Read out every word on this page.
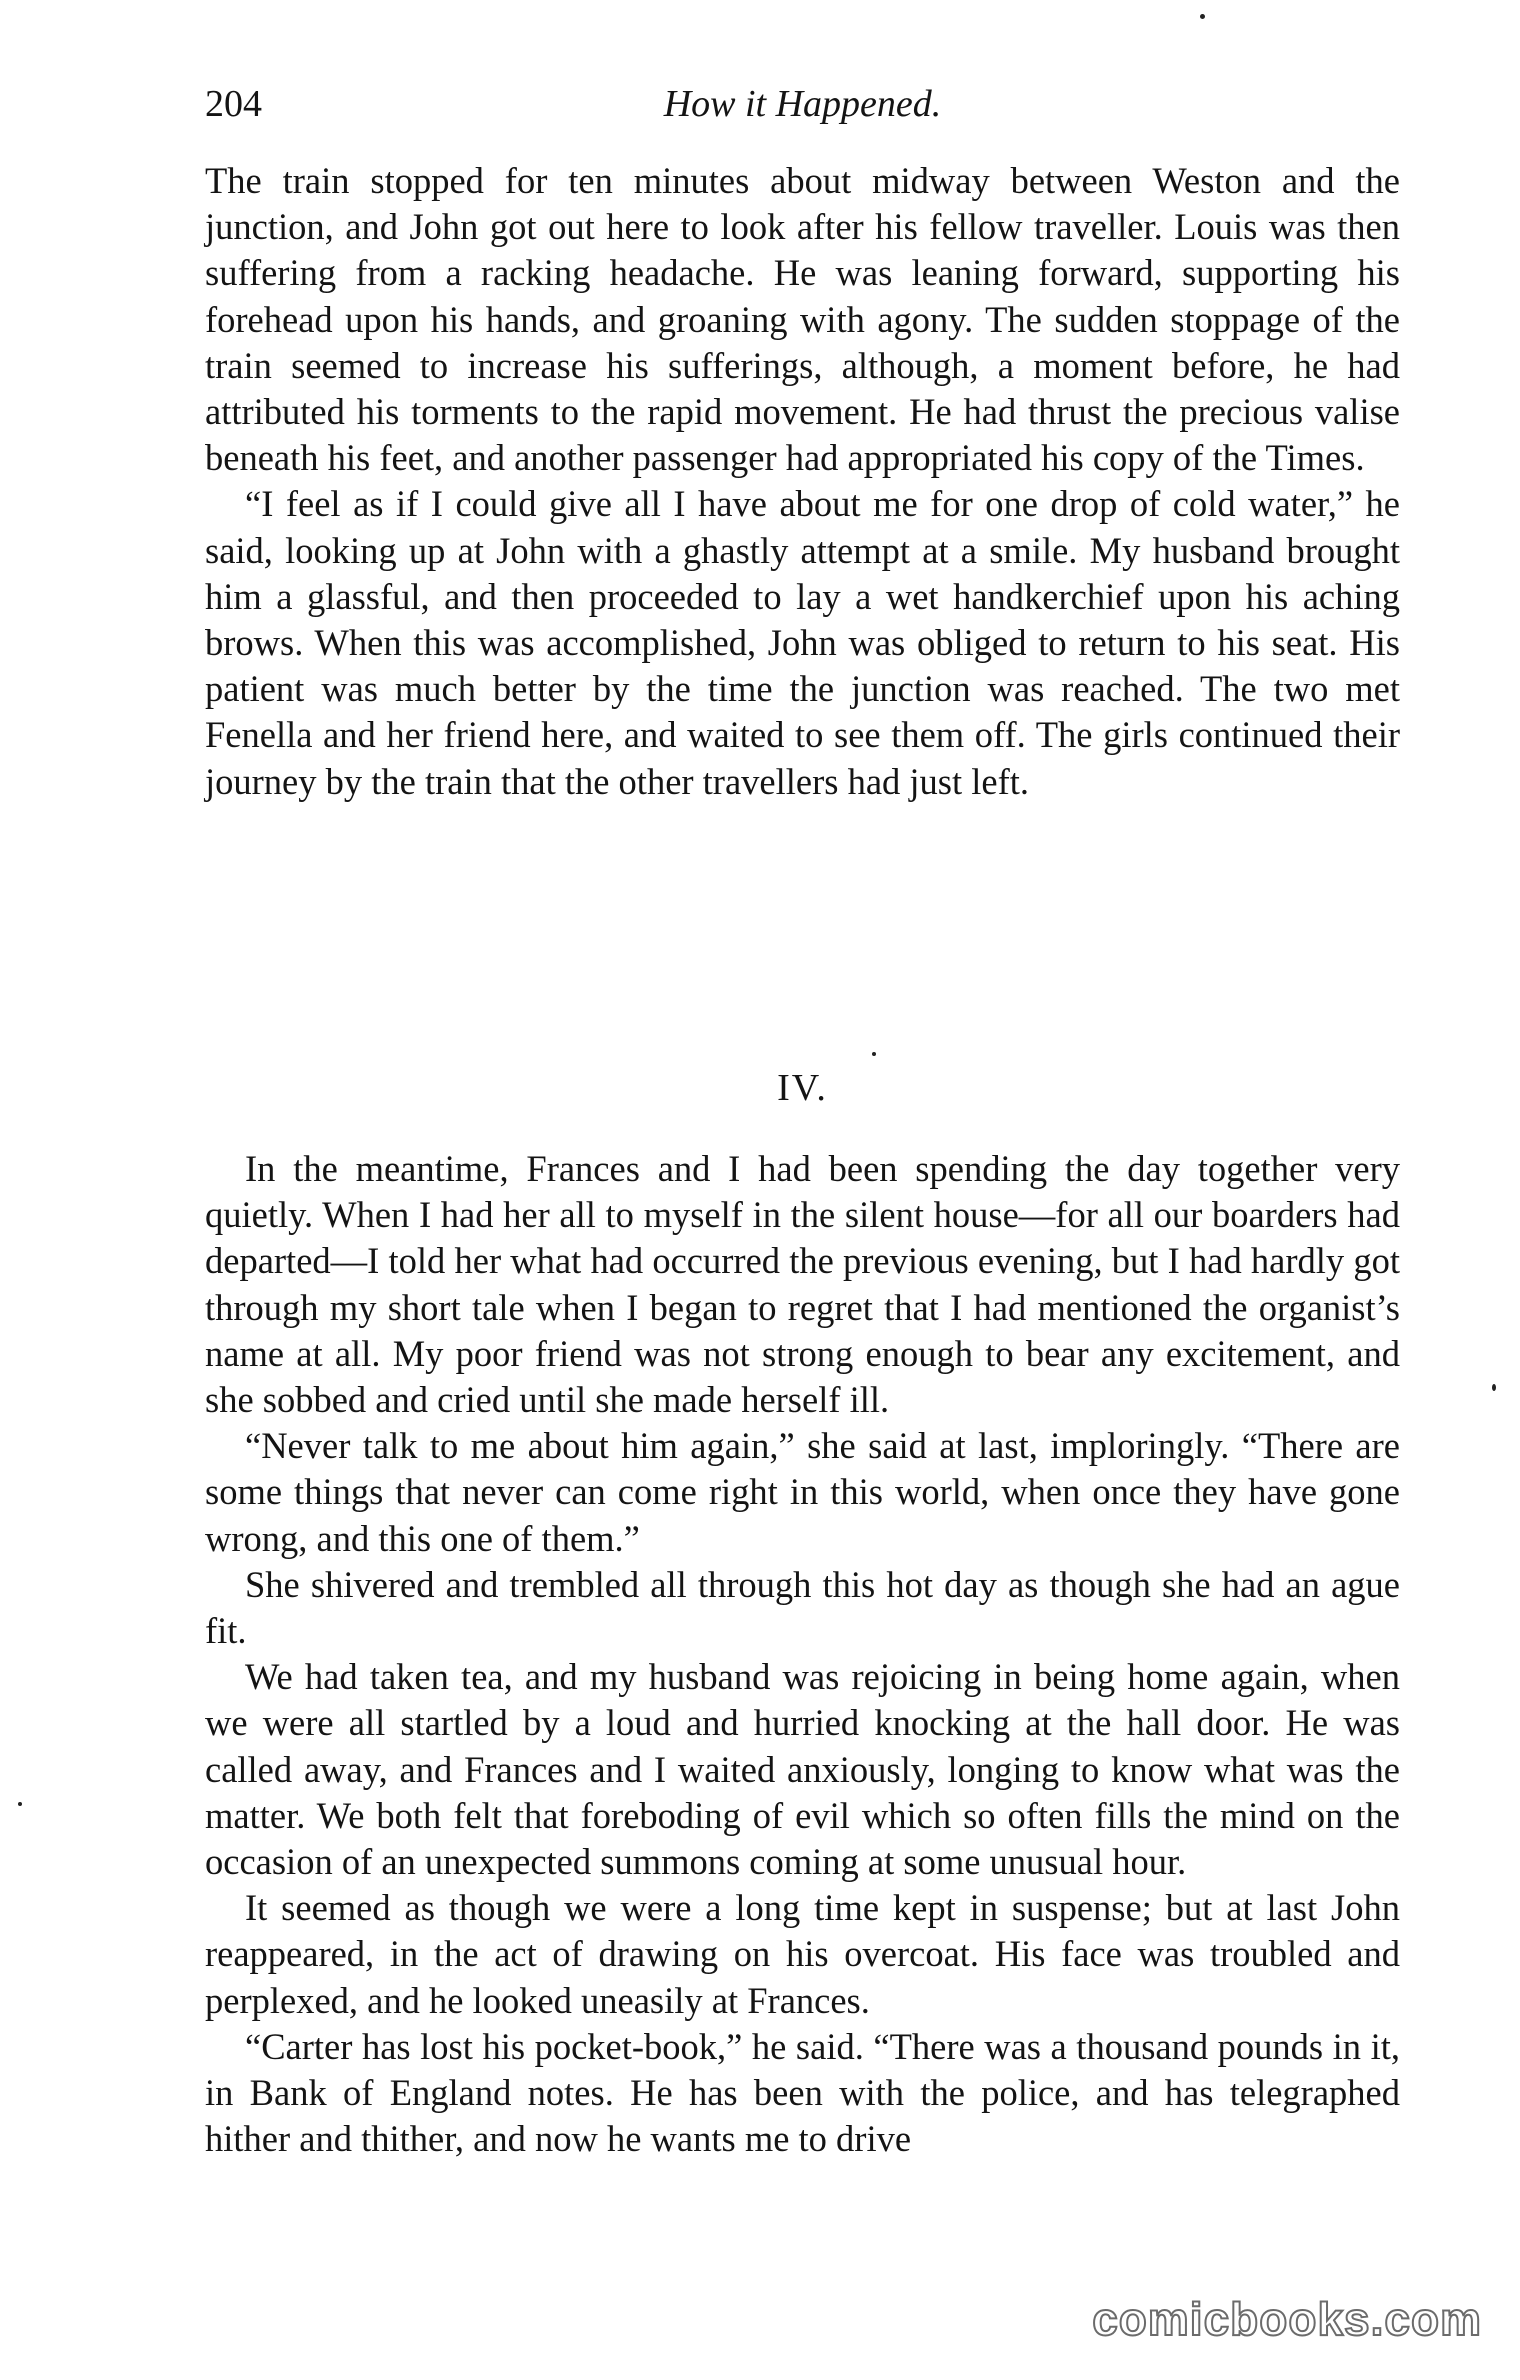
204	How it Happened.

The train stopped for ten minutes about midway between Weston and the junction, and John got out here to look after his fellow traveller. Louis was then suffering from a racking headache. He was leaning forward, supporting his forehead upon his hands, and groaning with agony. The sudden stoppage of the train seemed to increase his sufferings, although, a moment before, he had attributed his torments to the rapid movement. He had thrust the precious valise beneath his feet, and another passenger had appropriated his copy of the Times.

“I feel as if I could give all I have about me for one drop of cold water,” he said, looking up at John with a ghastly attempt at a smile. My husband brought him a glassful, and then proceeded to lay a wet handkerchief upon his aching brows. When this was accomplished, John was obliged to return to his seat. His patient was much better by the time the junction was reached. The two met Fenella and her friend here, and waited to see them off. The girls continued their journey by the train that the other travellers had just left.

IV.

In the meantime, Frances and I had been spending the day together very quietly. When I had her all to myself in the silent house—for all our boarders had departed—I told her what had occurred the previous evening, but I had hardly got through my short tale when I began to regret that I had mentioned the organist’s name at all. My poor friend was not strong enough to bear any excitement, and she sobbed and cried until she made herself ill.

“Never talk to me about him again,” she said at last, imploringly. “There are some things that never can come right in this world, when once they have gone wrong, and this one of them.”

She shivered and trembled all through this hot day as though she had an ague fit.

We had taken tea, and my husband was rejoicing in being home again, when we were all startled by a loud and hurried knocking at the hall door. He was called away, and Frances and I waited anxiously, longing to know what was the matter. We both felt that foreboding of evil which so often fills the mind on the occasion of an unexpected summons coming at some unusual hour.

It seemed as though we were a long time kept in suspense; but at last John reappeared, in the act of drawing on his overcoat. His face was troubled and perplexed, and he looked uneasily at Frances.

“Carter has lost his pocket-book,” he said. “There was a thousand pounds in it, in Bank of England notes. He has been with the police, and has telegraphed hither and thither, and now he wants me to drive

comicbooks.com
